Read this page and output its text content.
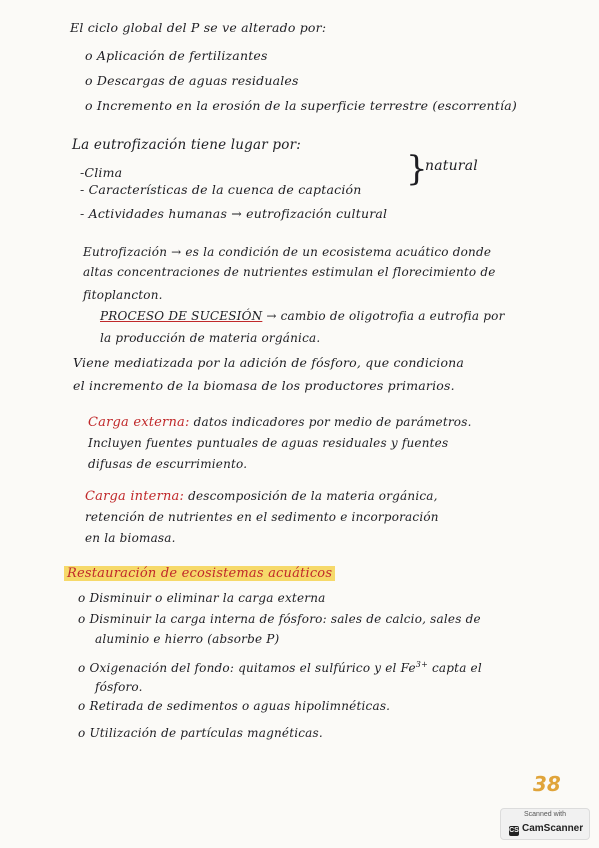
El ciclo global del P se ve alterado por:
o Aplicación de fertilizantes
o Descargas de aguas residuales
o Incremento en la erosión de la superficie terrestre (escorrentía)
La eutrofización tiene lugar por:
-Clima
- Características de la cuenca de captación
}
natural
- Actividades humanas → eutrofización cultural
Eutrofización → es la condición de un ecosistema acuático donde
altas concentraciones de nutrientes estimulan el florecimiento de
fitoplancton.
PROCESO DE SUCESIÓN → cambio de oligotrofia a eutrofia por
la producción de materia orgánica.
Viene mediatizada por la adición de fósforo, que condiciona
el incremento de la biomasa de los productores primarios.
Carga externa: datos indicadores por medio de parámetros.
Incluyen fuentes puntuales de aguas residuales y fuentes
difusas de escurrimiento.
Carga interna: descomposición de la materia orgánica,
retención de nutrientes en el sedimento e incorporación
en la biomasa.
Restauración de ecosistemas acuáticos
o Disminuir o eliminar la carga externa
o Disminuir la carga interna de fósforo: sales de calcio, sales de
aluminio e hierro (absorbe P)
o Oxigenación del fondo: quitamos el sulfúrico y el $Fe^{3+}$ capta el
fósforo.
o Retirada de sedimentos o aguas hipolimnéticas.
o Utilización de partículas magnéticas.
38
Scanned with
CS CamScanner
